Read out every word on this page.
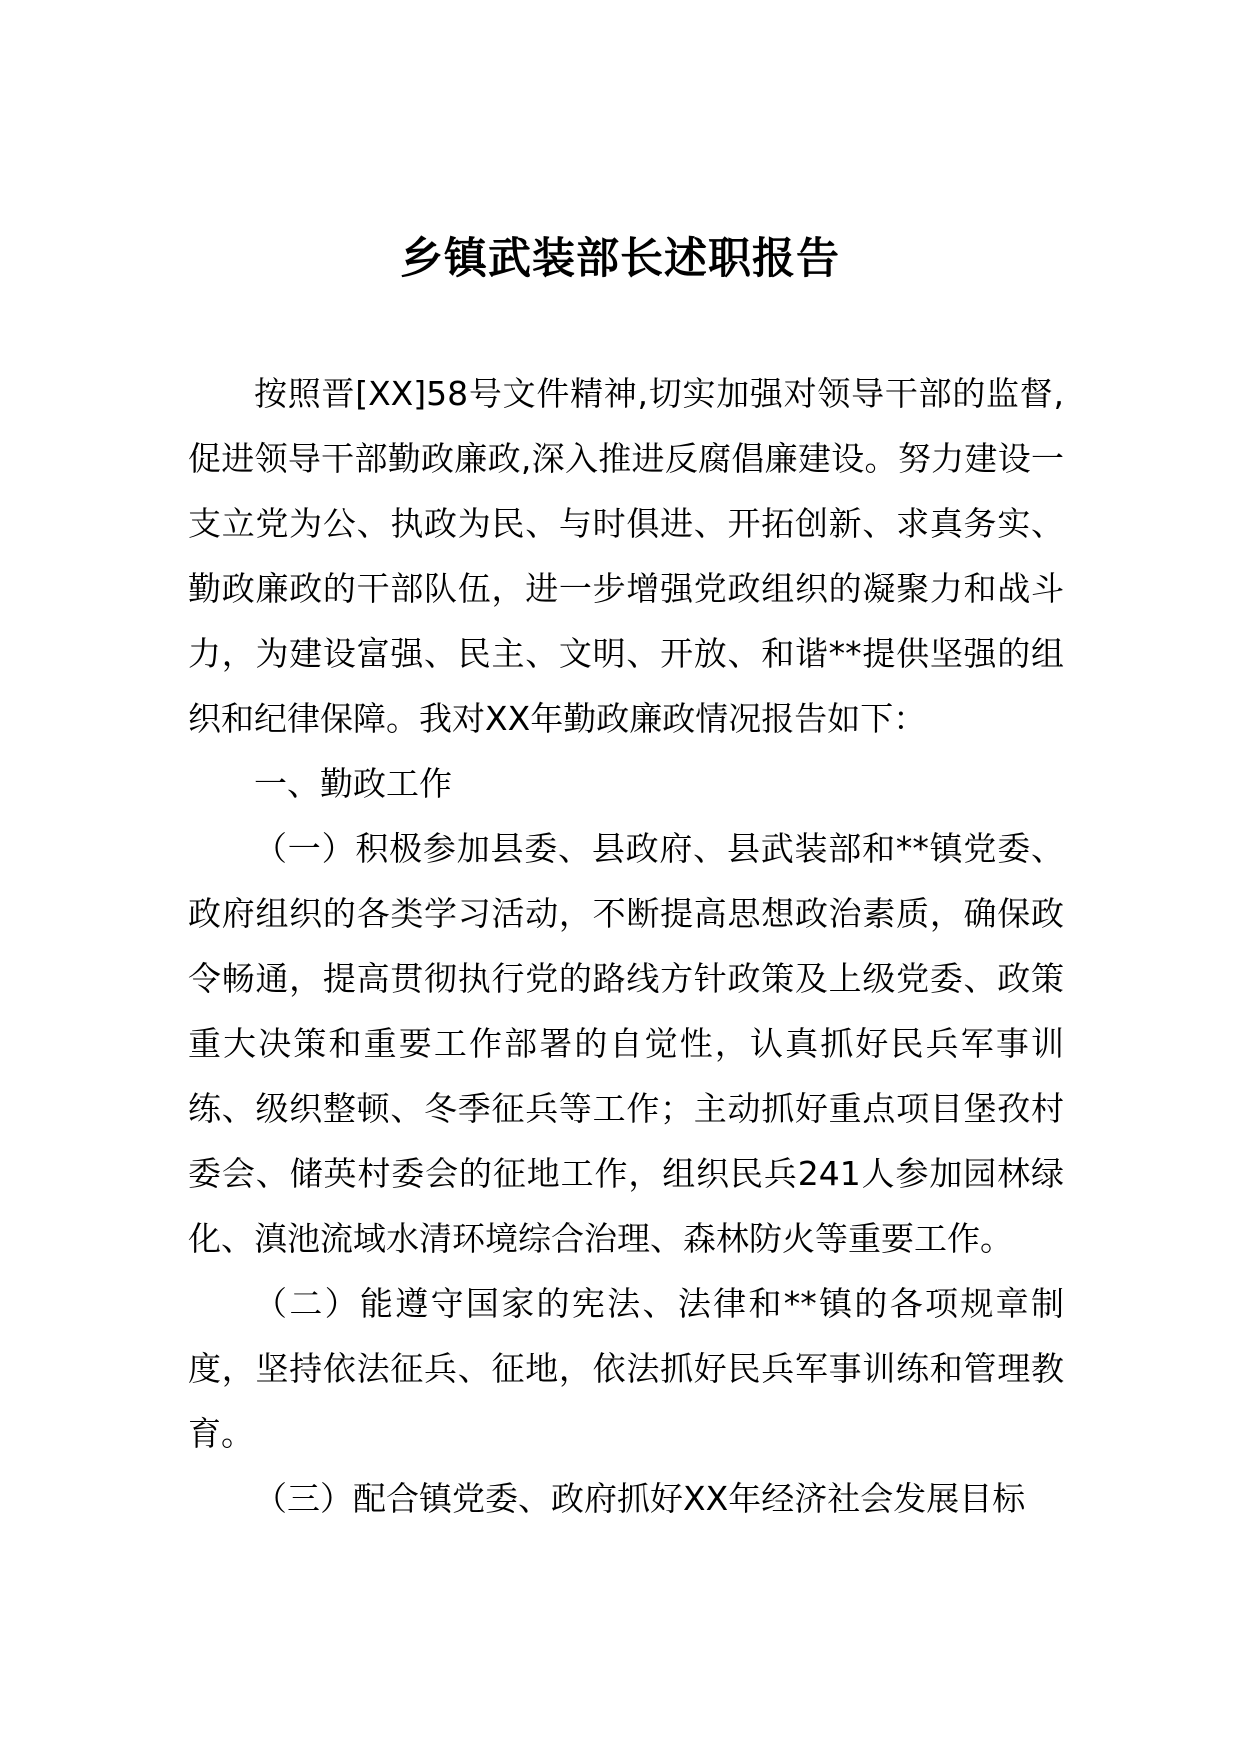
乡镇武装部长述职报告

按照晋[XX]58号文件精神,切实加强对领导干部的监督,促进领导干部勤政廉政,深入推进反腐倡廉建设。努力建设一支立党为公、执政为民、与时俱进、开拓创新、求真务实、勤政廉政的干部队伍，进一步增强党政组织的凝聚力和战斗力，为建设富强、民主、文明、开放、和谐**提供坚强的组织和纪律保障。我对XX年勤政廉政情况报告如下：

一、勤政工作

（一）积极参加县委、县政府、县武装部和**镇党委、政府组织的各类学习活动，不断提高思想政治素质，确保政令畅通，提高贯彻执行党的路线方针政策及上级党委、政策重大决策和重要工作部署的自觉性，认真抓好民兵军事训练、级织整顿、冬季征兵等工作；主动抓好重点项目堡孜村委会、储英村委会的征地工作，组织民兵241人参加园林绿化、滇池流域水清环境综合治理、森林防火等重要工作。

（二）能遵守国家的宪法、法律和**镇的各项规章制度，坚持依法征兵、征地，依法抓好民兵军事训练和管理教育。

（三）配合镇党委、政府抓好XX年经济社会发展目标
